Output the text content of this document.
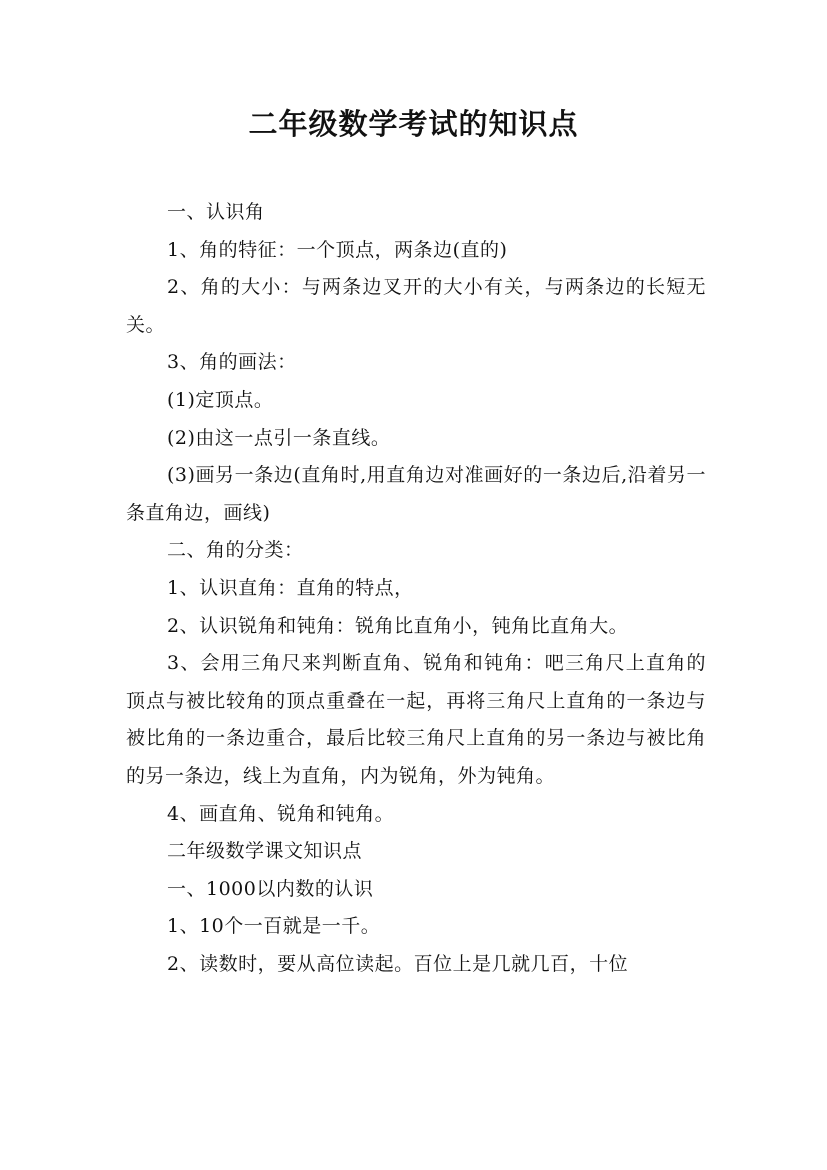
二年级数学考试的知识点

一、认识角

1、角的特征：一个顶点，两条边(直的)

2、角的大小：与两条边叉开的大小有关，与两条边的长短无关。

3、角的画法：

(1)定顶点。

(2)由这一点引一条直线。

(3)画另一条边(直角时,用直角边对准画好的一条边后,沿着另一条直角边，画线)

二、角的分类：

1、认识直角：直角的特点，

2、认识锐角和钝角：锐角比直角小，钝角比直角大。

3、会用三角尺来判断直角、锐角和钝角：吧三角尺上直角的顶点与被比较角的顶点重叠在一起，再将三角尺上直角的一条边与被比角的一条边重合，最后比较三角尺上直角的另一条边与被比角的另一条边，线上为直角，内为锐角，外为钝角。

4、画直角、锐角和钝角。

二年级数学课文知识点

一、1000以内数的认识

1、10个一百就是一千。

2、读数时，要从高位读起。百位上是几就几百，十位
